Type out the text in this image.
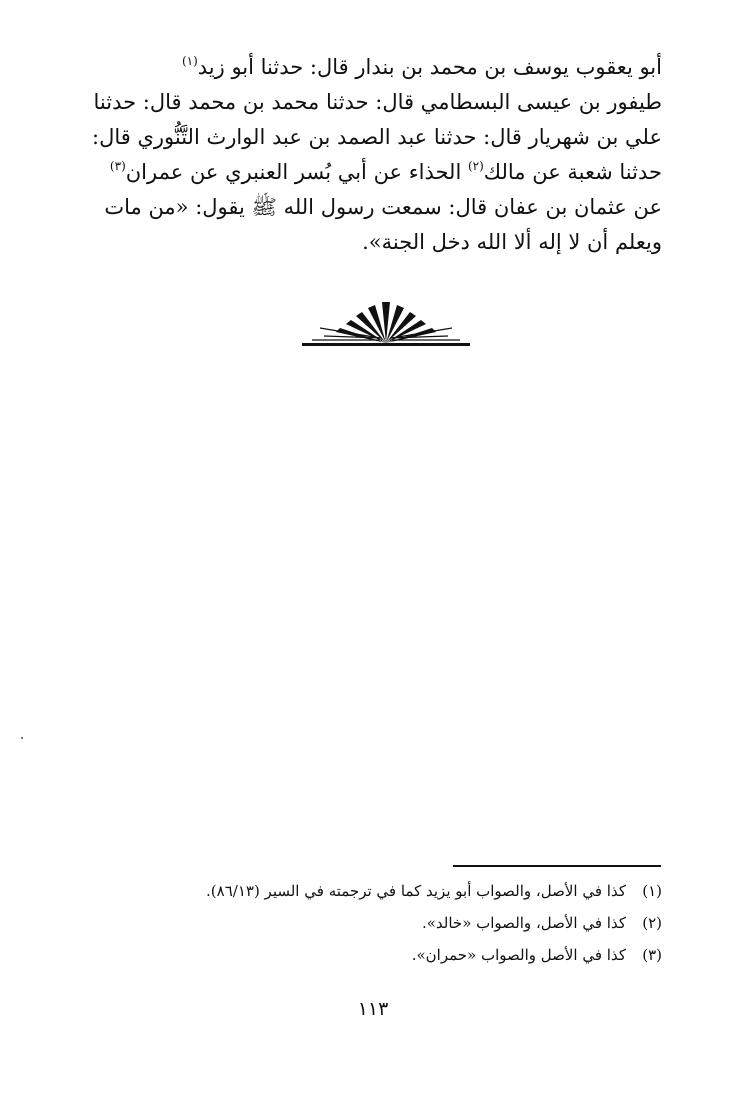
أبو يعقوب يوسف بن محمد بن بندار قال: حدثنا أبو زيد$^{(١)}$
طيفور بن عيسى البسطامي قال: حدثنا محمد بن محمد قال: حدثنا
علي بن شهريار قال: حدثنا عبد الصمد بن عبد الوارث التَّنُّوري قال:
حدثنا شعبة عن مالك$^{(٢)}$ الحذاء عن أبي بُسر العنبري عن عمران$^{(٣)}$
عن عثمان بن عفان قال: سمعت رسول الله ﷺ يقول: «من مات
ويعلم أن لا إله ألا الله دخل الجنة».
(١)كذا في الأصل، والصواب أبو يزيد كما في ترجمته في السير (٨٦/١٣).
(٢)كذا في الأصل، والصواب «خالد».
(٣)كذا في الأصل والصواب «حمران».
١١٣
